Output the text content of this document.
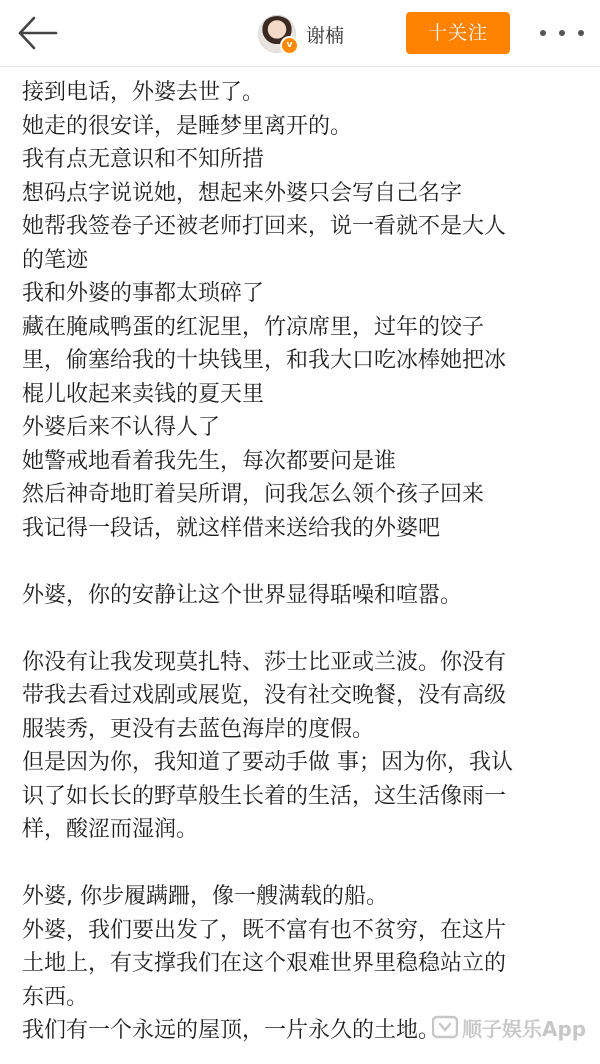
v 谢楠	十关注
接到电话，外婆去世了。
她走的很安详，是睡梦里离开的。
我有点无意识和不知所措
想码点字说说她，想起来外婆只会写自己名字
她帮我签卷子还被老师打回来，说一看就不是大人
的笔迹
我和外婆的事都太琐碎了
藏在腌咸鸭蛋的红泥里，竹凉席里，过年的饺子
里，偷塞给我的十块钱里，和我大口吃冰棒她把冰
棍儿收起来卖钱的夏天里
外婆后来不认得人了
她警戒地看着我先生，每次都要问是谁
然后神奇地盯着吴所谓，问我怎么领个孩子回来
我记得一段话，就这样借来送给我的外婆吧
外婆，你的安静让这个世界显得聒噪和喧嚣。
你没有让我发现莫扎特、莎士比亚或兰波。你没有
带我去看过戏剧或展览，没有社交晚餐，没有高级
服装秀，更没有去蓝色海岸的度假。
但是因为你，我知道了要动手做 事；因为你，我认
识了如长长的野草般生长着的生活，这生活像雨一
样，酸涩而湿润。
外婆, 你步履蹒跚，像一艘满载的船。
外婆，我们要出发了，既不富有也不贫穷，在这片
土地上，有支撑我们在这个艰难世界里稳稳站立的
东西。
我们有一个永远的屋顶，一片永久的土地。	顺子娱乐App
